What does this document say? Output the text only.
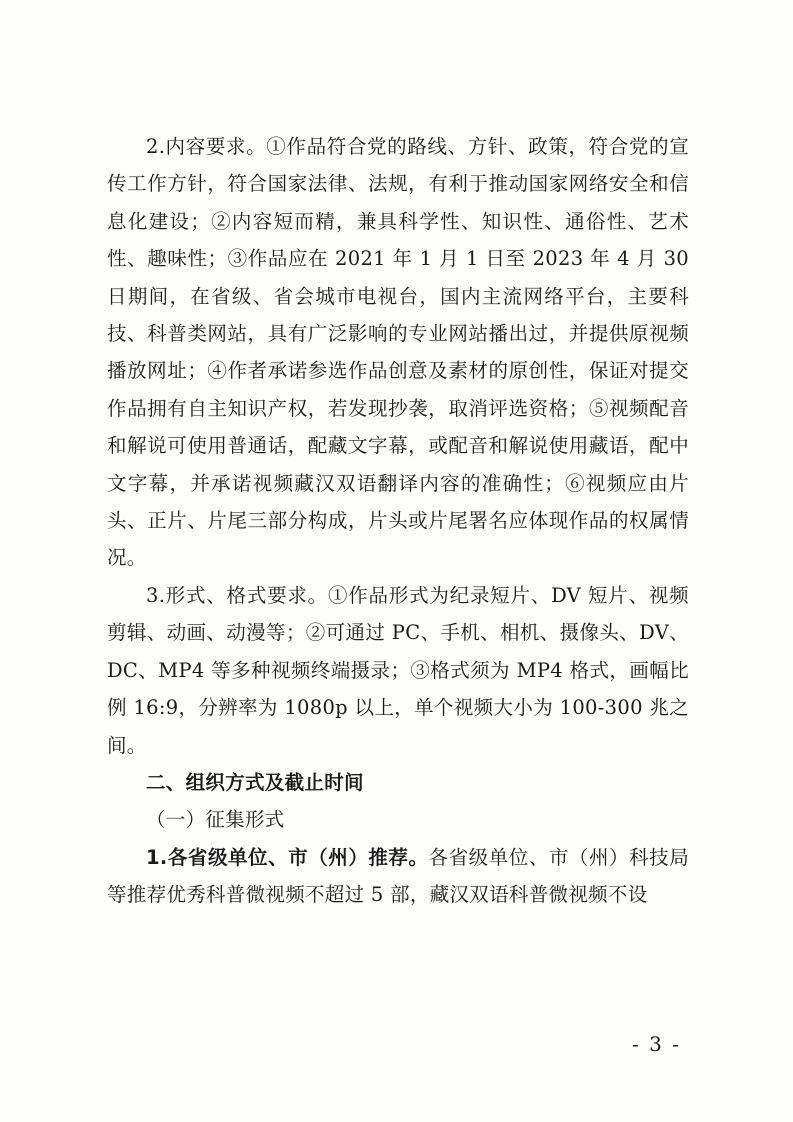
2.内容要求。①作品符合党的路线、方针、政策，符合党的宣传工作方针，符合国家法律、法规，有利于推动国家网络安全和信息化建设；②内容短而精，兼具科学性、知识性、通俗性、艺术性、趣味性；③作品应在 2021 年 1 月 1 日至 2023 年 4 月 30 日期间，在省级、省会城市电视台，国内主流网络平台，主要科技、科普类网站，具有广泛影响的专业网站播出过，并提供原视频播放网址；④作者承诺参选作品创意及素材的原创性，保证对提交作品拥有自主知识产权，若发现抄袭，取消评选资格；⑤视频配音和解说可使用普通话，配藏文字幕，或配音和解说使用藏语，配中文字幕，并承诺视频藏汉双语翻译内容的准确性；⑥视频应由片头、正片、片尾三部分构成，片头或片尾署名应体现作品的权属情况。

3.形式、格式要求。①作品形式为纪录短片、DV 短片、视频剪辑、动画、动漫等；②可通过 PC、手机、相机、摄像头、DV、DC、MP4 等多种视频终端摄录；③格式须为 MP4 格式，画幅比例 16:9，分辨率为 1080p 以上，单个视频大小为 100-300 兆之间。

二、组织方式及截止时间

（一）征集形式

1.各省级单位、市（州）推荐。各省级单位、市（州）科技局等推荐优秀科普微视频不超过 5 部，藏汉双语科普微视频不设

- 3 -
